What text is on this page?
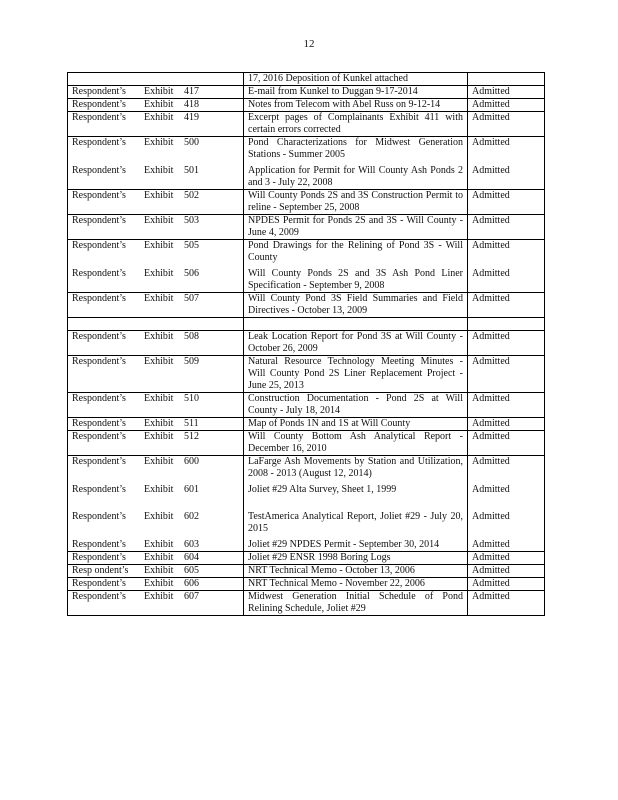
12
	17, 2016 Deposition of Kunkel attached	

Respondent’s Exhibit 417	E-mail from Kunkel to Duggan 9-17-2014	Admitted

Respondent’s Exhibit 418	Notes from Telecom with Abel Russ on 9-12-14	Admitted

Respondent’s Exhibit 419	Excerpt pages of Complainants Exhibit 411 with certain errors corrected	Admitted

Respondent’s Exhibit 500	Pond Characterizations for Midwest Generation Stations - Summer 2005	Admitted

Respondent’s Exhibit 501	Application for Permit for Will County Ash Ponds 2 and 3 - July 22, 2008	Admitted

Respondent’s Exhibit 502	Will County Ponds 2S and 3S Construction Permit to reline - September 25, 2008	Admitted

Respondent’s Exhibit 503	NPDES Permit for Ponds 2S and 3S - Will County - June 4, 2009	Admitted

Respondent’s Exhibit 505	Pond Drawings for the Relining of Pond 3S - Will County	Admitted

Respondent’s Exhibit 506	Will County Ponds 2S and 3S Ash Pond Liner Specification - September 9, 2008	Admitted

Respondent’s Exhibit 507	Will County Pond 3S Field Summaries and Field Directives - October 13, 2009	Admitted

Respondent’s Exhibit 508	Leak Location Report for Pond 3S at Will County - October 26, 2009	Admitted

Respondent’s Exhibit 509	Natural Resource Technology Meeting Minutes - Will County Pond 2S Liner Replacement Project - June 25, 2013	Admitted

Respondent’s Exhibit 510	Construction Documentation - Pond 2S at Will County - July 18, 2014	Admitted

Respondent’s Exhibit 511	Map of Ponds 1N and 1S at Will County	Admitted

Respondent’s Exhibit 512	Will County Bottom Ash Analytical Report - December 16, 2010	Admitted

Respondent’s Exhibit 600	LaFarge Ash Movements by Station and Utilization, 2008 - 2013 (August 12, 2014)	Admitted

Respondent’s Exhibit 601	Joliet #29 Alta Survey, Sheet 1, 1999	Admitted

Respondent’s Exhibit 602	TestAmerica Analytical Report, Joliet #29 - July 20, 2015	Admitted

Respondent’s Exhibit 603	Joliet #29 NPDES Permit - September 30, 2014	Admitted

Respondent’s Exhibit 604	Joliet #29 ENSR 1998 Boring Logs	Admitted

Resp ondent’s Exhibit 605	NRT Technical Memo - October 13, 2006	Admitted

Respondent’s Exhibit 606	NRT Technical Memo - November 22, 2006	Admitted

Respondent’s Exhibit 607	Midwest Generation Initial Schedule of Pond Relining Schedule, Joliet #29	Admitted
